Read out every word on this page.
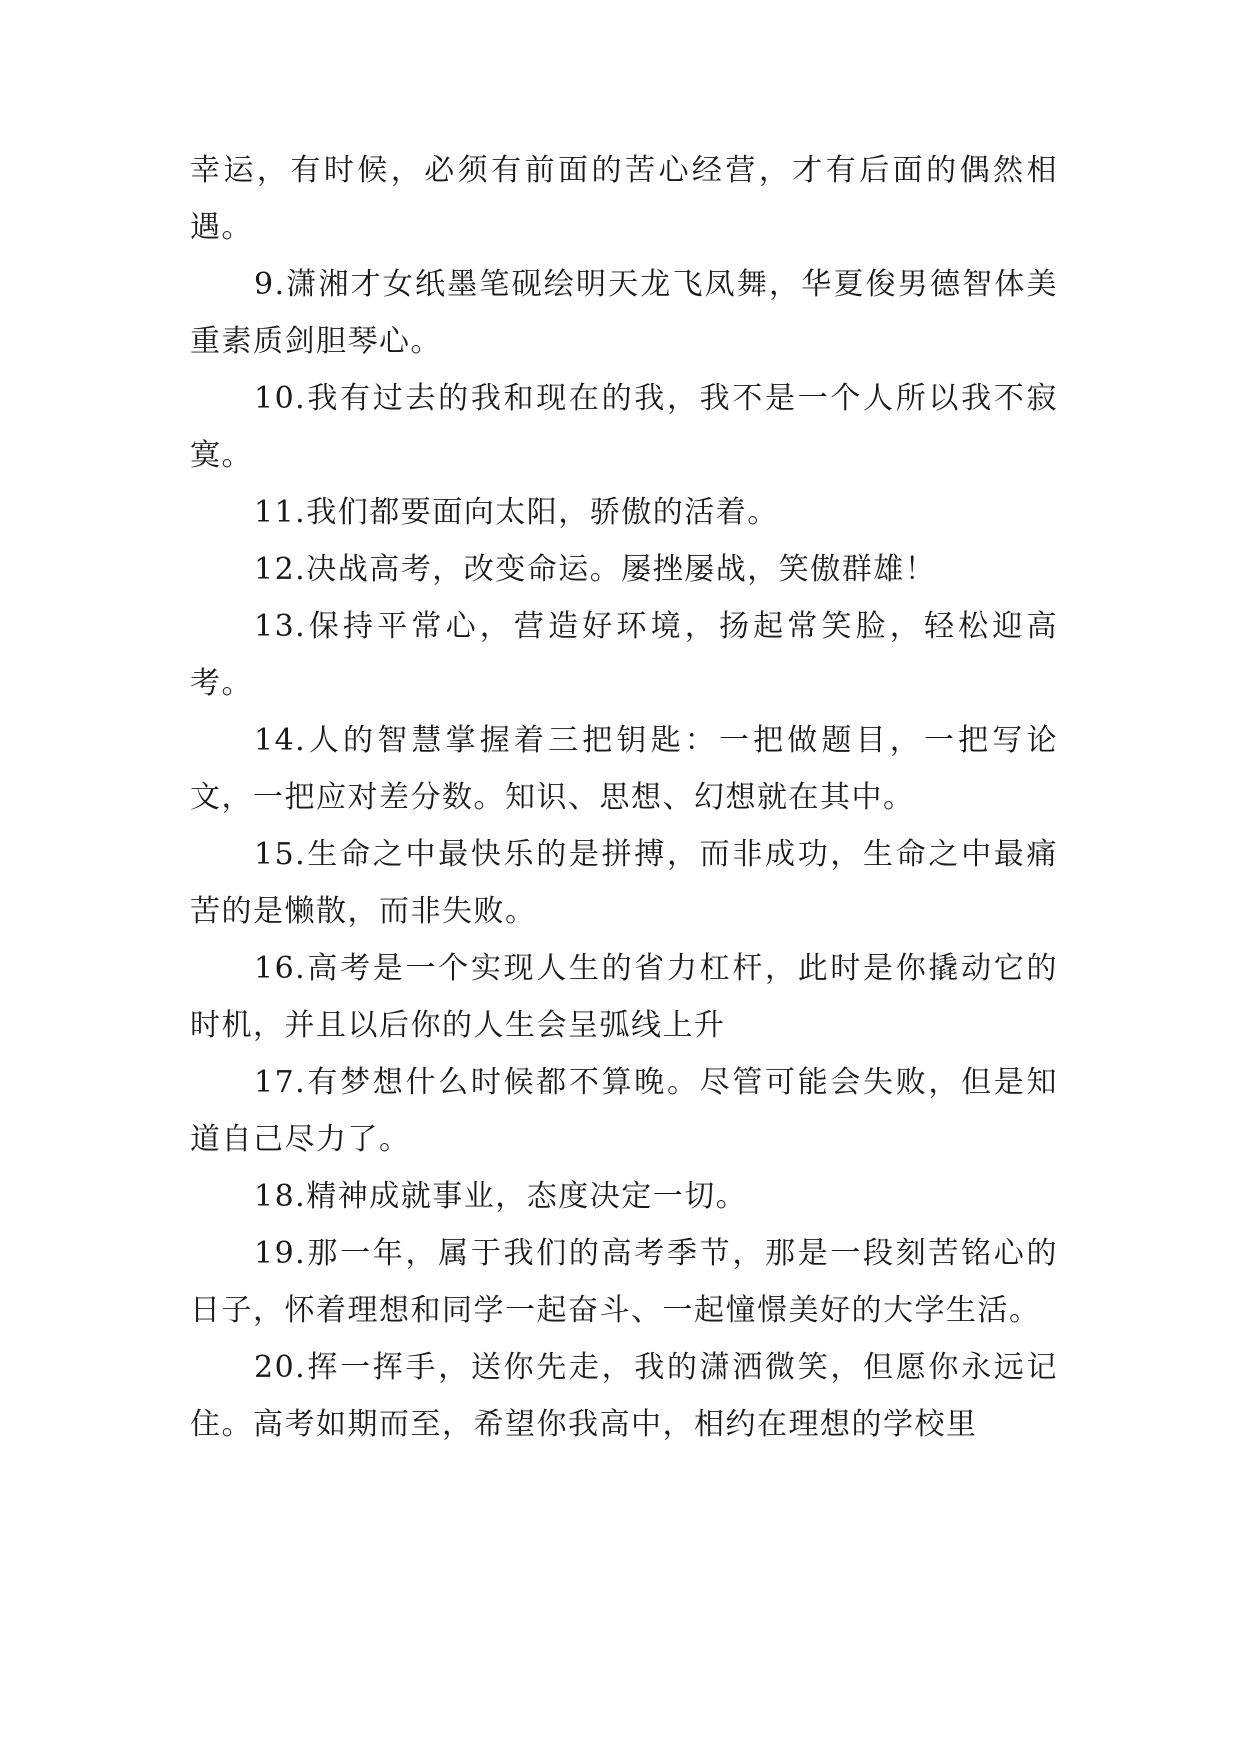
幸运，有时候，必须有前面的苦心经营，才有后面的偶然相遇。

9.潇湘才女纸墨笔砚绘明天龙飞凤舞，华夏俊男德智体美重素质剑胆琴心。

10.我有过去的我和现在的我，我不是一个人所以我不寂寞。

11.我们都要面向太阳，骄傲的活着。

12.决战高考，改变命运。屡挫屡战，笑傲群雄！

13.保持平常心，营造好环境，扬起常笑脸，轻松迎高考。

14.人的智慧掌握着三把钥匙：一把做题目，一把写论文，一把应对差分数。知识、思想、幻想就在其中。

15.生命之中最快乐的是拼搏，而非成功，生命之中最痛苦的是懒散，而非失败。

16.高考是一个实现人生的省力杠杆，此时是你撬动它的时机，并且以后你的人生会呈弧线上升

17.有梦想什么时候都不算晚。尽管可能会失败，但是知道自己尽力了。

18.精神成就事业，态度决定一切。

19.那一年，属于我们的高考季节，那是一段刻苦铭心的日子，怀着理想和同学一起奋斗、一起憧憬美好的大学生活。

20.挥一挥手，送你先走，我的潇洒微笑，但愿你永远记住。高考如期而至，希望你我高中，相约在理想的学校里
